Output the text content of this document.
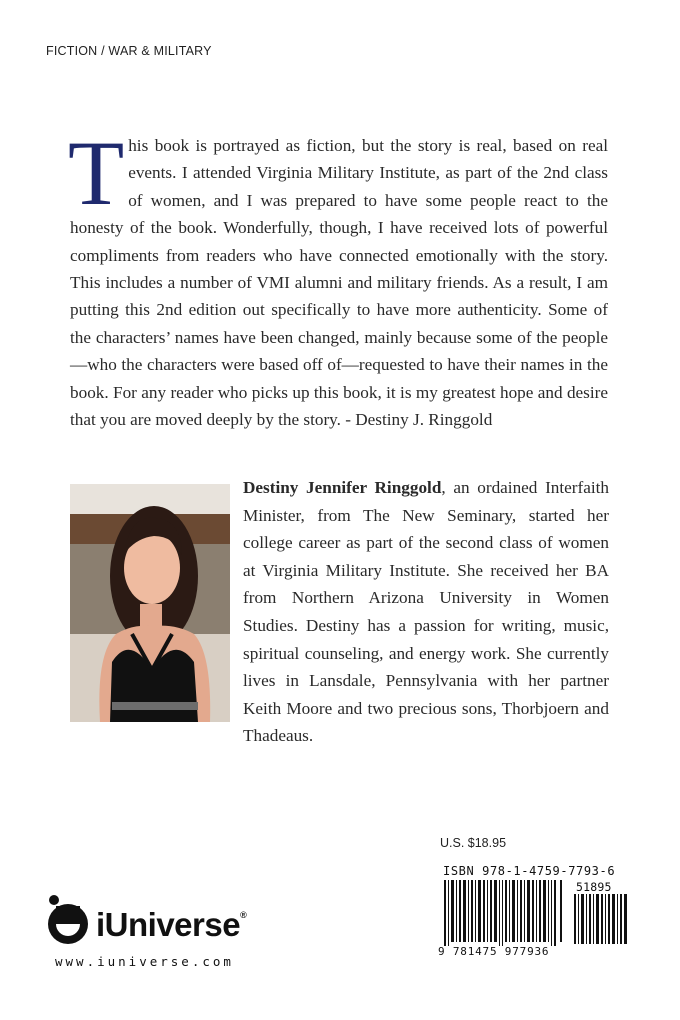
FICTION / WAR & MILITARY

This book is portrayed as fiction, but the story is real, based on real events. I attended Virginia Military Institute, as part of the 2nd class of women, and I was prepared to have some people react to the honesty of the book. Wonderfully, though, I have received lots of powerful compliments from readers who have connected emotionally with the story. This includes a number of VMI alumni and military friends. As a result, I am putting this 2nd edition out specifically to have more authenticity. Some of the characters’ names have been changed, mainly because some of the people—who the characters were based off of—requested to have their names in the book. For any reader who picks up this book, it is my greatest hope and desire that you are moved deeply by the story. - Destiny J. Ringgold

Destiny Jennifer Ringgold, an ordained Interfaith Minister, from The New Seminary, started her college career as part of the second class of women at Virginia Military Institute. She received her BA from Northern Arizona University in Women Studies. Destiny has a passion for writing, music, spiritual counseling, and energy work. She currently lives in Lansdale, Pennsylvania with her partner Keith Moore and two precious sons, Thorbjoern and Thadeaus.

U.S. $18.95
ISBN 978-1-4759-7793-6
51895
9 781475 977936
iUniverse®
www.iuniverse.com
